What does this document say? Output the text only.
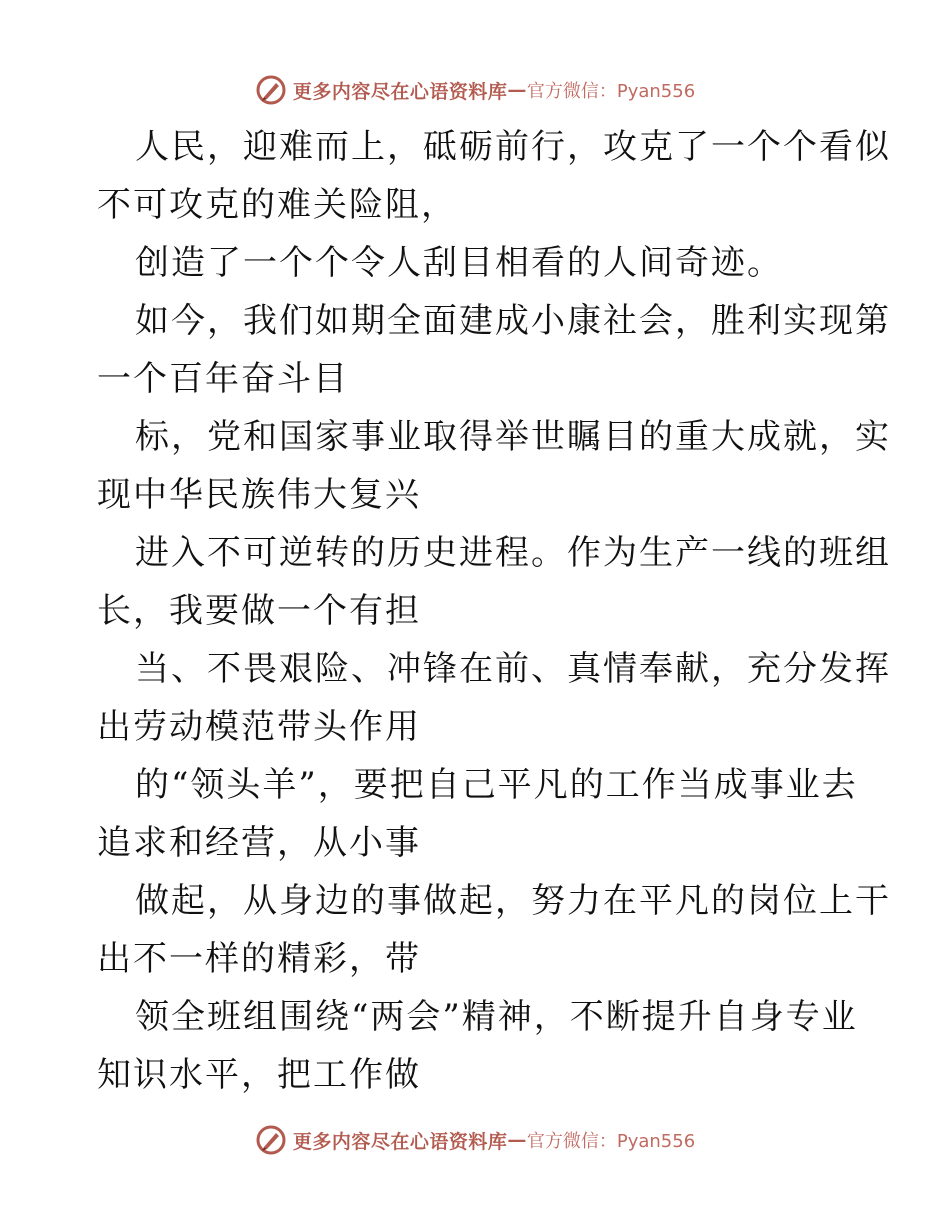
更多内容尽在心语资料库 — 官方微信：Pyan556
人民，迎难而上，砥砺前行，攻克了一个个看似
不可攻克的难关险阻，
创造了一个个令人刮目相看的人间奇迹。
如今，我们如期全面建成小康社会，胜利实现第
一个百年奋斗目
标，党和国家事业取得举世瞩目的重大成就，实
现中华民族伟大复兴
进入不可逆转的历史进程。作为生产一线的班组
长，我要做一个有担
当、不畏艰险、冲锋在前、真情奉献，充分发挥
出劳动模范带头作用
的“领头羊”，要把自己平凡的工作当成事业去
追求和经营，从小事
做起，从身边的事做起，努力在平凡的岗位上干
出不一样的精彩，带
领全班组围绕“两会”精神，不断提升自身专业
知识水平，把工作做
更多内容尽在心语资料库 — 官方微信：Pyan556
